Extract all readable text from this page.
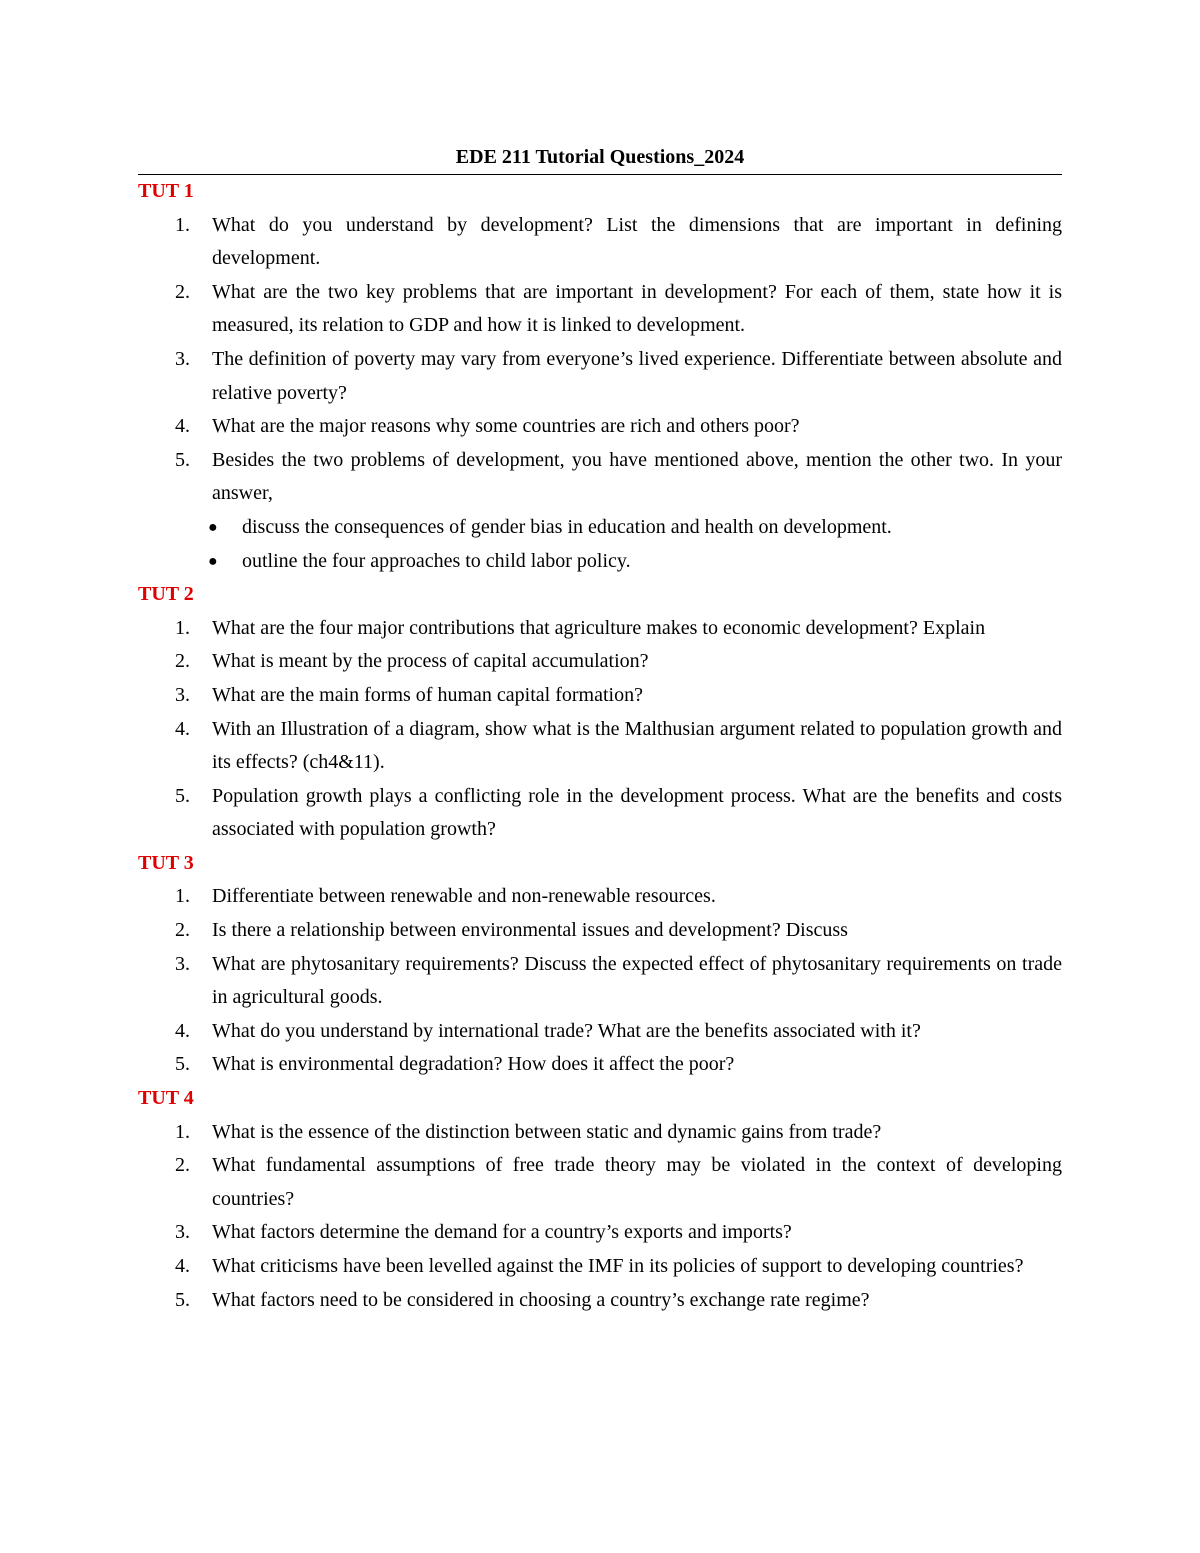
EDE 211 Tutorial Questions_2024
TUT 1
1. What do you understand by development? List the dimensions that are important in defining development.
2. What are the two key problems that are important in development? For each of them, state how it is measured, its relation to GDP and how it is linked to development.
3. The definition of poverty may vary from everyone’s lived experience. Differentiate between absolute and relative poverty?
4. What are the major reasons why some countries are rich and others poor?
5. Besides the two problems of development, you have mentioned above, mention the other two. In your answer,
● discuss the consequences of gender bias in education and health on development.
● outline the four approaches to child labor policy.
TUT 2
1. What are the four major contributions that agriculture makes to economic development? Explain
2. What is meant by the process of capital accumulation?
3. What are the main forms of human capital formation?
4. With an Illustration of a diagram, show what is the Malthusian argument related to population growth and its effects? (ch4&11).
5. Population growth plays a conflicting role in the development process. What are the benefits and costs associated with population growth?
TUT 3
1. Differentiate between renewable and non-renewable resources.
2. Is there a relationship between environmental issues and development? Discuss
3. What are phytosanitary requirements? Discuss the expected effect of phytosanitary requirements on trade in agricultural goods.
4. What do you understand by international trade? What are the benefits associated with it?
5. What is environmental degradation? How does it affect the poor?
TUT 4
1. What is the essence of the distinction between static and dynamic gains from trade?
2. What fundamental assumptions of free trade theory may be violated in the context of developing countries?
3. What factors determine the demand for a country’s exports and imports?
4. What criticisms have been levelled against the IMF in its policies of support to developing countries?
5. What factors need to be considered in choosing a country’s exchange rate regime?
